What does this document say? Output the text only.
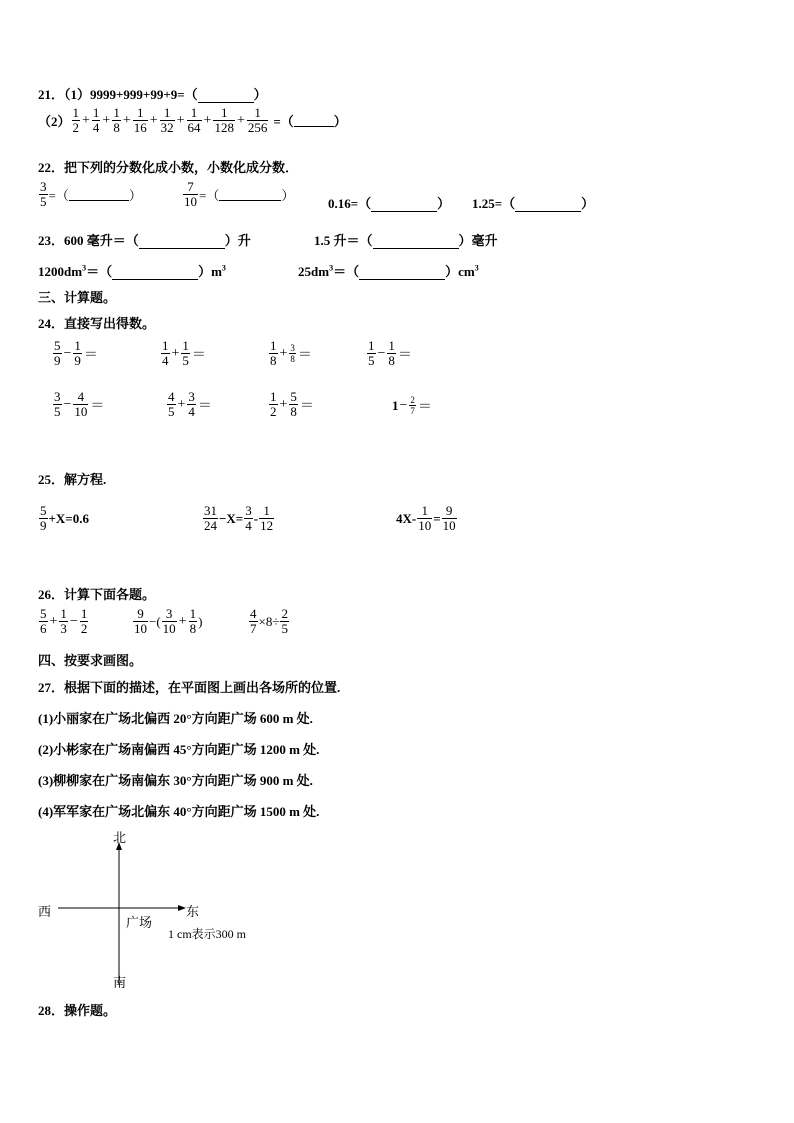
21．（1）9999+999+99+9=（	）
（2）
1
2 + 1
4 + 1
8 + 1
16 + 1
32 + 1
64 + 1
128 + 1
256 =（	）
22．把下列的分数化成小数，小数化成分数．
3
5 =（	）
7
10 =（	）
0.16=（	） 1.25=（	）
23．600 毫升＝（	）升	1.5 升＝（	）毫升
$1200dm^3=$（	）$m^3$	$25dm^3=$（	）$cm^3$
三、计算题。
24．直接写出得数。
5
9 − 1
9 ＝
1
4 + 1
5 ＝
1
8 + 3
8 ＝
1
5 − 1
8 ＝
3
5 − 4
10 ＝
4
5 + 3
4 ＝
1
2 + 5
8 ＝	1 − 2
7 ＝
25．解方程.
5
9 +X=0.6	31
24 −X= 3
4 - 1
12	4X- 1
10 = 9
10
26．计算下面各题。
5
6 + 1
3 − 1
2
9
10 −( 3
10 + 1
8 )	4
7 ×8÷ 2
5
四、按要求画图。
27．根据下面的描述，在平面图上画出各场所的位置.
(1)小丽家在广场北偏西 20°方向距广场 600 m 处.
(2)小彬家在广场南偏西 45°方向距广场 1200 m 处.
(3)柳柳家在广场南偏东 30°方向距广场 900 m 处.
(4)军军家在广场北偏东 40°方向距广场 1500 m 处.
北
南
西	东
广场
1 cm表示300 m
28．操作题。
